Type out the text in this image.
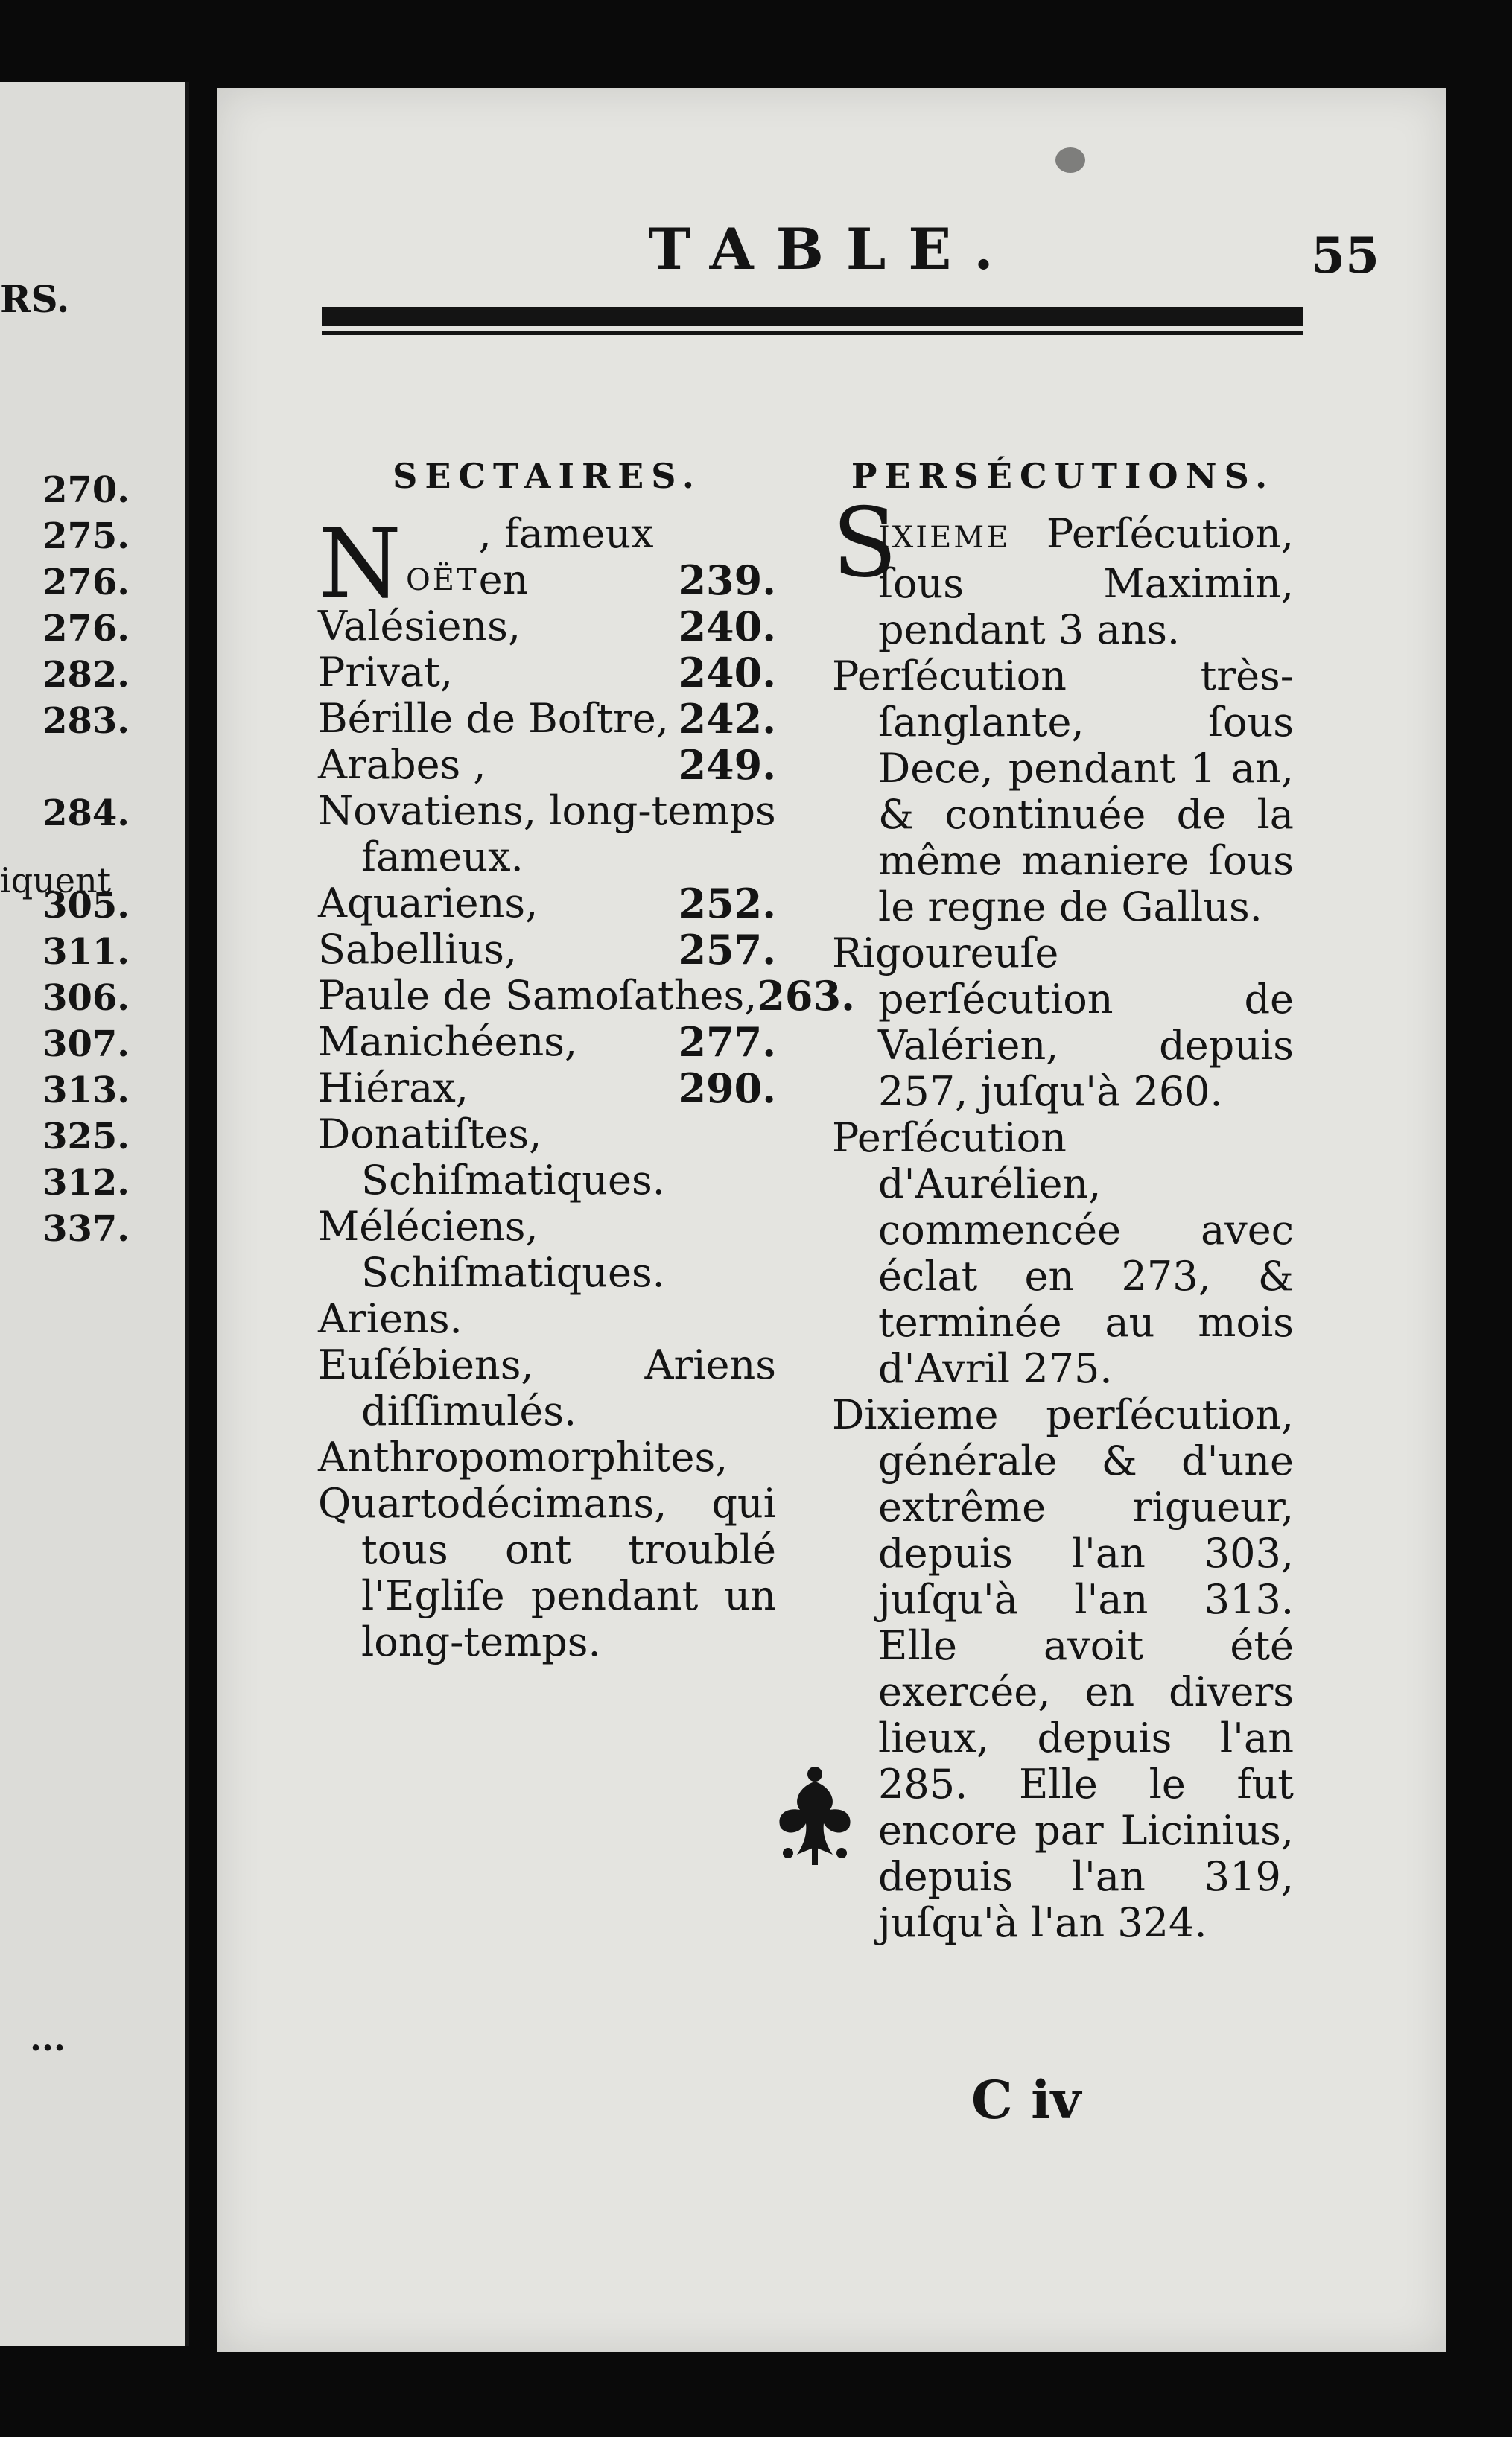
RS.
270.
275.
276.
276.
282.
283.
284.
305.
311.
306.
307.
313.
325.
312.
337.
iquent
...
TABLE.	55
SECTAIRES.
N OËT
, fameux en	239.
Valésiens,	240.
Privat,	240.
Bérille de Boſtre, 242.
Arabes ,	249.
Novatiens, long-temps fameux.
Aquariens,	252.
Sabellius,	257.
Paule de Samoſathes, 263.
Manichéens,	277.
Hiérax,	290.
Donatiſtes, Schiſmatiques.
Méléciens, Schiſmatiques.
Ariens.
Euſébiens, Ariens diſſimulés.
Anthropomorphites,
Quartodécimans, qui tous ont troublé l'Egliſe pendant un long-temps.
PERSÉCUTIONS.

S
IXIEME Perſécution, ſous Maximin, pendant 3 ans.

Perſécution très-ſanglante, ſous Dece, pendant 1 an, & continuée de la même maniere ſous le regne de Gallus.

Rigoureuſe perſécution de Valérien, depuis 257, juſqu'à 260.

Perſécution d'Aurélien, commencée avec éclat en 273, & terminée au mois d'Avril 275.

Dixieme perſécution, générale & d'une extrême rigueur, depuis l'an 303, juſqu'à l'an 313. Elle avoit été exercée, en divers lieux, depuis l'an 285. Elle le fut encore par Licinius, depuis l'an 319, juſqu'à l'an 324.

C iv
